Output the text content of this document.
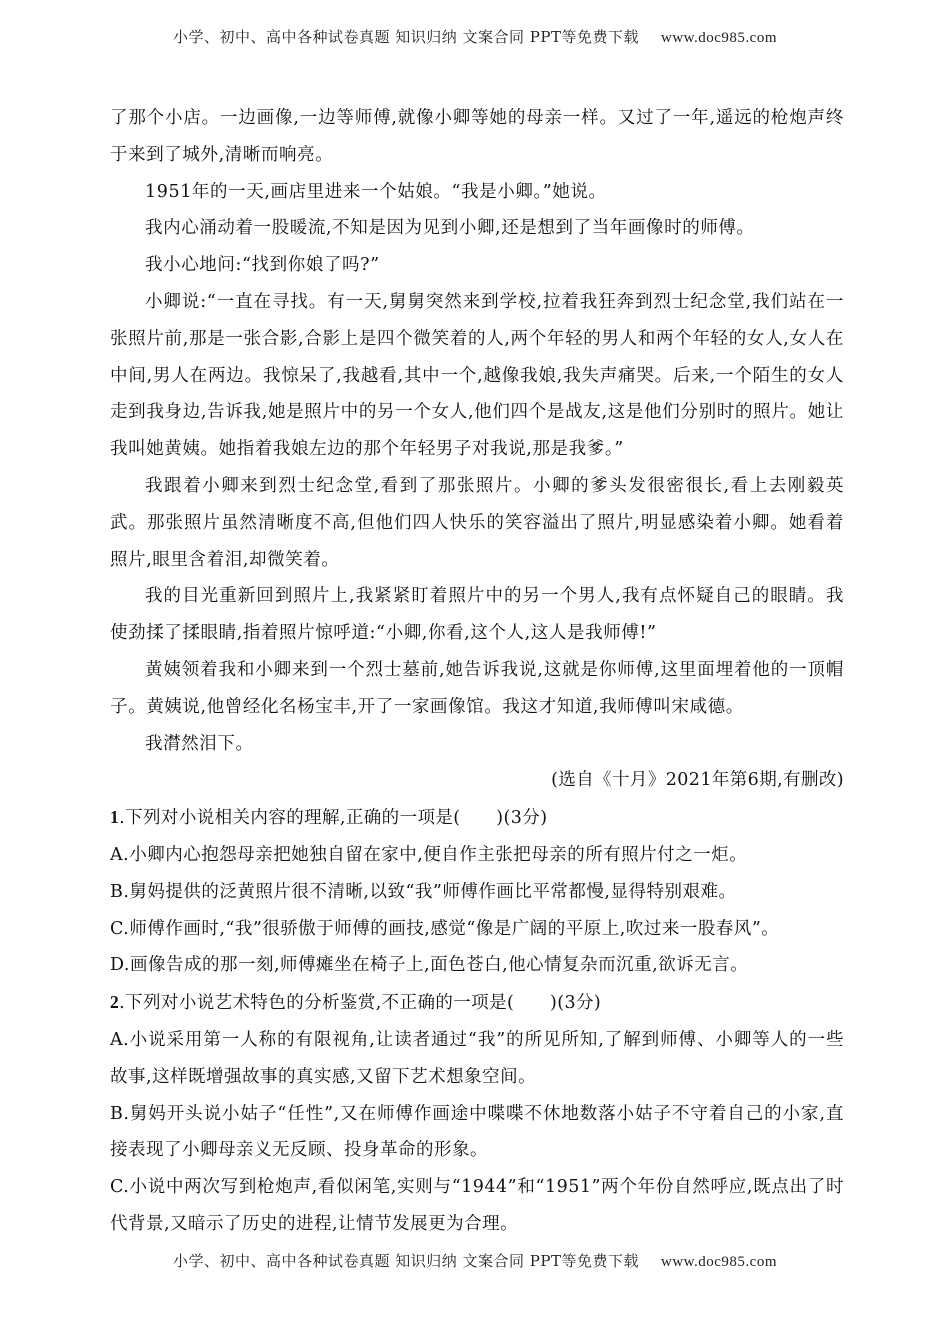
小学、初中、高中各种试卷真题 知识归纳 文案合同 PPT等免费下载 www.doc985.com

了那个小店。一边画像,一边等师傅,就像小卿等她的母亲一样。又过了一年,遥远的枪炮声终于来到了城外,清晰而响亮。

1951年的一天,画店里进来一个姑娘。“我是小卿。”她说。

我内心涌动着一股暖流,不知是因为见到小卿,还是想到了当年画像时的师傅。

我小心地问:“找到你娘了吗?”

小卿说:“一直在寻找。有一天,舅舅突然来到学校,拉着我狂奔到烈士纪念堂,我们站在一张照片前,那是一张合影,合影上是四个微笑着的人,两个年轻的男人和两个年轻的女人,女人在中间,男人在两边。我惊呆了,我越看,其中一个,越像我娘,我失声痛哭。后来,一个陌生的女人走到我身边,告诉我,她是照片中的另一个女人,他们四个是战友,这是他们分别时的照片。她让我叫她黄姨。她指着我娘左边的那个年轻男子对我说,那是我爹。”

我跟着小卿来到烈士纪念堂,看到了那张照片。小卿的爹头发很密很长,看上去刚毅英武。那张照片虽然清晰度不高,但他们四人快乐的笑容溢出了照片,明显感染着小卿。她看着照片,眼里含着泪,却微笑着。

我的目光重新回到照片上,我紧紧盯着照片中的另一个男人,我有点怀疑自己的眼睛。我使劲揉了揉眼睛,指着照片惊呼道:“小卿,你看,这个人,这人是我师傅!”

黄姨领着我和小卿来到一个烈士墓前,她告诉我说,这就是你师傅,这里面埋着他的一顶帽子。黄姨说,他曾经化名杨宝丰,开了一家画像馆。我这才知道,我师傅叫宋咸德。

我潸然泪下。

(选自《十月》2021年第6期,有删改)

1.下列对小说相关内容的理解,正确的一项是(　　)(3分)

A.小卿内心抱怨母亲把她独自留在家中,便自作主张把母亲的所有照片付之一炬。

B.舅妈提供的泛黄照片很不清晰,以致“我”师傅作画比平常都慢,显得特别艰难。

C.师傅作画时,“我”很骄傲于师傅的画技,感觉“像是广阔的平原上,吹过来一股春风”。

D.画像告成的那一刻,师傅瘫坐在椅子上,面色苍白,他心情复杂而沉重,欲诉无言。

2.下列对小说艺术特色的分析鉴赏,不正确的一项是(　　)(3分)

A.小说采用第一人称的有限视角,让读者通过“我”的所见所知,了解到师傅、小卿等人的一些故事,这样既增强故事的真实感,又留下艺术想象空间。

B.舅妈开头说小姑子“任性”,又在师傅作画途中喋喋不休地数落小姑子不守着自己的小家,直接表现了小卿母亲义无反顾、投身革命的形象。

C.小说中两次写到枪炮声,看似闲笔,实则与“1944”和“1951”两个年份自然呼应,既点出了时代背景,又暗示了历史的进程,让情节发展更为合理。

小学、初中、高中各种试卷真题 知识归纳 文案合同 PPT等免费下载 www.doc985.com
